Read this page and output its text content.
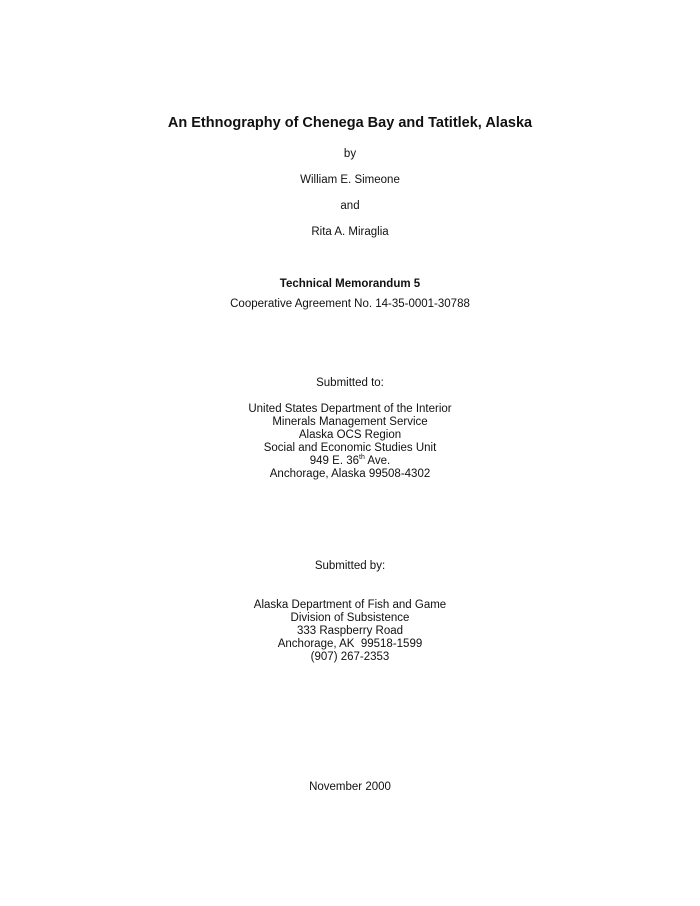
An Ethnography of Chenega Bay and Tatitlek, Alaska
by
William E. Simeone
and
Rita A. Miraglia
Technical Memorandum 5
Cooperative Agreement No. 14-35-0001-30788
Submitted to:
United States Department of the Interior
Minerals Management Service
Alaska OCS Region
Social and Economic Studies Unit
949 E. 36th Ave.
Anchorage, Alaska 99508-4302
Submitted by:
Alaska Department of Fish and Game
Division of Subsistence
333 Raspberry Road
Anchorage, AK  99518-1599
(907) 267-2353
November 2000
